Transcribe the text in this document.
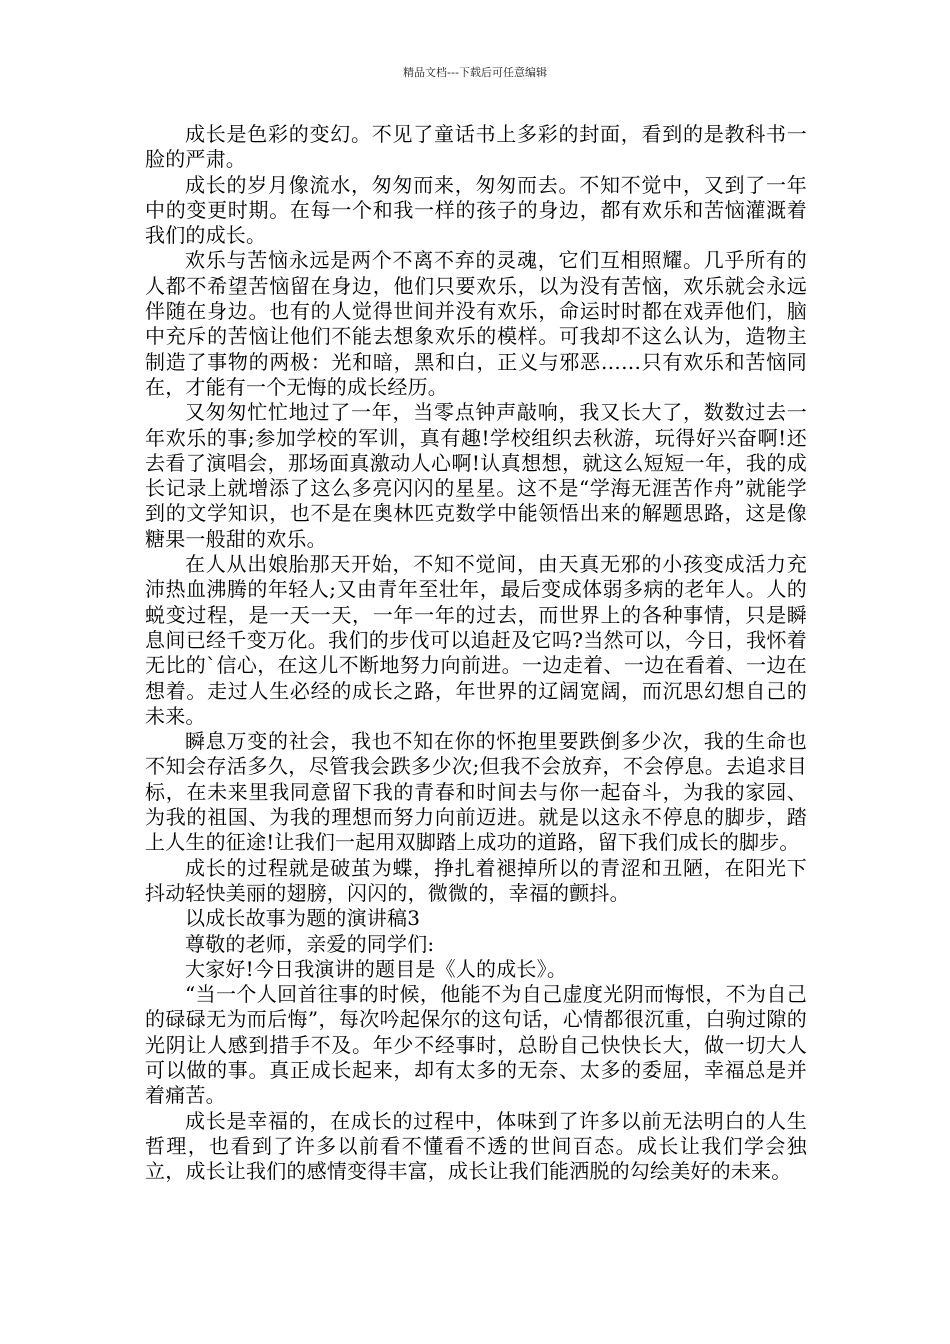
精品文档---下载后可任意编辑

成长是色彩的变幻。不见了童话书上多彩的封面，看到的是教科书一脸的严肃。

成长的岁月像流水，匆匆而来，匆匆而去。不知不觉中，又到了一年中的变更时期。在每一个和我一样的孩子的身边，都有欢乐和苦恼灌溉着我们的成长。

欢乐与苦恼永远是两个不离不弃的灵魂，它们互相照耀。几乎所有的人都不希望苦恼留在身边，他们只要欢乐，以为没有苦恼，欢乐就会永远伴随在身边。也有的人觉得世间并没有欢乐，命运时时都在戏弄他们，脑中充斥的苦恼让他们不能去想象欢乐的模样。可我却不这么认为，造物主制造了事物的两极：光和暗，黑和白，正义与邪恶……只有欢乐和苦恼同在，才能有一个无悔的成长经历。

又匆匆忙忙地过了一年，当零点钟声敲响，我又长大了，数数过去一年欢乐的事;参加学校的军训，真有趣!学校组织去秋游，玩得好兴奋啊!还去看了演唱会，那场面真激动人心啊!认真想想，就这么短短一年，我的成长记录上就增添了这么多亮闪闪的星星。这不是“学海无涯苦作舟”就能学到的文学知识，也不是在奥林匹克数学中能领悟出来的解题思路，这是像糖果一般甜的欢乐。

在人从出娘胎那天开始，不知不觉间，由天真无邪的小孩变成活力充沛热血沸腾的年轻人;又由青年至壮年，最后变成体弱多病的老年人。人的蜕变过程，是一天一天，一年一年的过去，而世界上的各种事情，只是瞬息间已经千变万化。我们的步伐可以追赶及它吗?当然可以，今日，我怀着无比的`信心，在这儿不断地努力向前进。一边走着、一边在看着、一边在想着。走过人生必经的成长之路，年世界的辽阔宽阔，而沉思幻想自己的未来。

瞬息万变的社会，我也不知在你的怀抱里要跌倒多少次，我的生命也不知会存活多久，尽管我会跌多少次;但我不会放弃，不会停息。去追求目标，在未来里我同意留下我的青春和时间去与你一起奋斗，为我的家园、为我的祖国、为我的理想而努力向前迈进。就是以这永不停息的脚步，踏上人生的征途!让我们一起用双脚踏上成功的道路，留下我们成长的脚步。

成长的过程就是破茧为蝶，挣扎着褪掉所以的青涩和丑陋，在阳光下抖动轻快美丽的翅膀，闪闪的，微微的，幸福的颤抖。

以成长故事为题的演讲稿3

尊敬的老师，亲爱的同学们:

大家好!今日我演讲的题目是《人的成长》。

“当一个人回首往事的时候，他能不为自己虚度光阴而悔恨，不为自己的碌碌无为而后悔”，每次吟起保尔的这句话，心情都很沉重，白驹过隙的光阴让人感到措手不及。年少不经事时，总盼自己快快长大，做一切大人可以做的事。真正成长起来，却有太多的无奈、太多的委屈，幸福总是并着痛苦。

成长是幸福的，在成长的过程中，体味到了许多以前无法明白的人生哲理，也看到了许多以前看不懂看不透的世间百态。成长让我们学会独立，成长让我们的感情变得丰富，成长让我们能洒脱的勾绘美好的未来。
